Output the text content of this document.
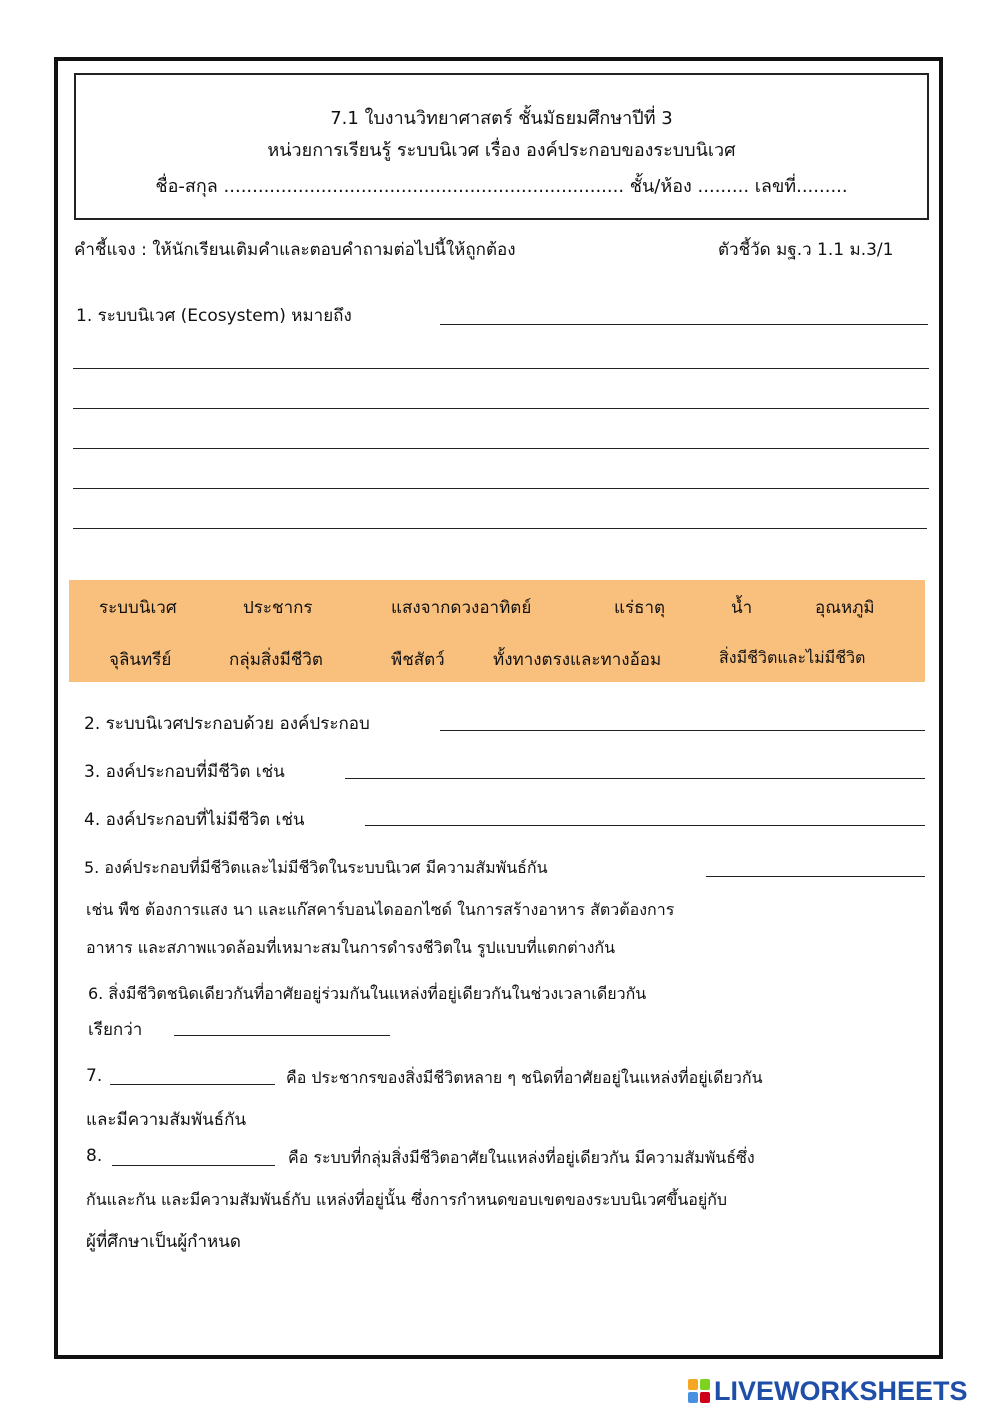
7.1 ใบงานวิทยาศาสตร์ ชั้นมัธยมศึกษาปีที่ 3
หน่วยการเรียนรู้ ระบบนิเวศ เรื่อง องค์ประกอบของระบบนิเวศ
ชื่อ-สกุล ...................................................................... ชั้น/ห้อง ......... เลขที่.........
คำชี้แจง : ให้นักเรียนเติมคำและตอบคำถามต่อไปนี้ให้ถูกต้อง	ตัวชี้วัด มฐ.ว 1.1 ม.3/1
1. ระบบนิเวศ (Ecosystem) หมายถึง
ระบบนิเวศ	ประชากร	แสงจากดวงอาทิตย์	แร่ธาตุ	น้ำ	อุณหภูมิ
จุลินทรีย์	กลุ่มสิ่งมีชีวิต	พืชสัตว์	ทั้งทางตรงและทางอ้อม	สิ่งมีชีวิตและไม่มีชีวิต
2. ระบบนิเวศประกอบด้วย องค์ประกอบ
3. องค์ประกอบที่มีชีวิต เช่น
4. องค์ประกอบที่ไม่มีชีวิต เช่น
5. องค์ประกอบที่มีชีวิตและไม่มีชีวิตในระบบนิเวศ มีความสัมพันธ์กัน
เช่น พืช ต้องการแสง นา และแก๊สคาร์บอนไดออกไซด์ ในการสร้างอาหาร สัตวต้องการ
อาหาร และสภาพแวดล้อมที่เหมาะสมในการดำรงชีวิตใน รูปแบบที่แตกต่างกัน
6. สิ่งมีชีวิตชนิดเดียวกันที่อาศัยอยู่ร่วมกันในแหล่งที่อยู่เดียวกันในช่วงเวลาเดียวกัน
เรียกว่า
7.	คือ ประชากรของสิ่งมีชีวิตหลาย ๆ ชนิดที่อาศัยอยู่ในแหล่งที่อยู่เดียวกัน
และมีความสัมพันธ์กัน
8.	คือ ระบบที่กลุ่มสิ่งมีชีวิตอาศัยในแหล่งที่อยู่เดียวกัน มีความสัมพันธ์ซึ่ง
กันและกัน และมีความสัมพันธ์กับ แหล่งที่อยู่นั้น ซึ่งการกำหนดขอบเขตของระบบนิเวศขึ้นอยู่กับ
ผู้ที่ศึกษาเป็นผู้กำหนด
LIVEWORKSHEETS
